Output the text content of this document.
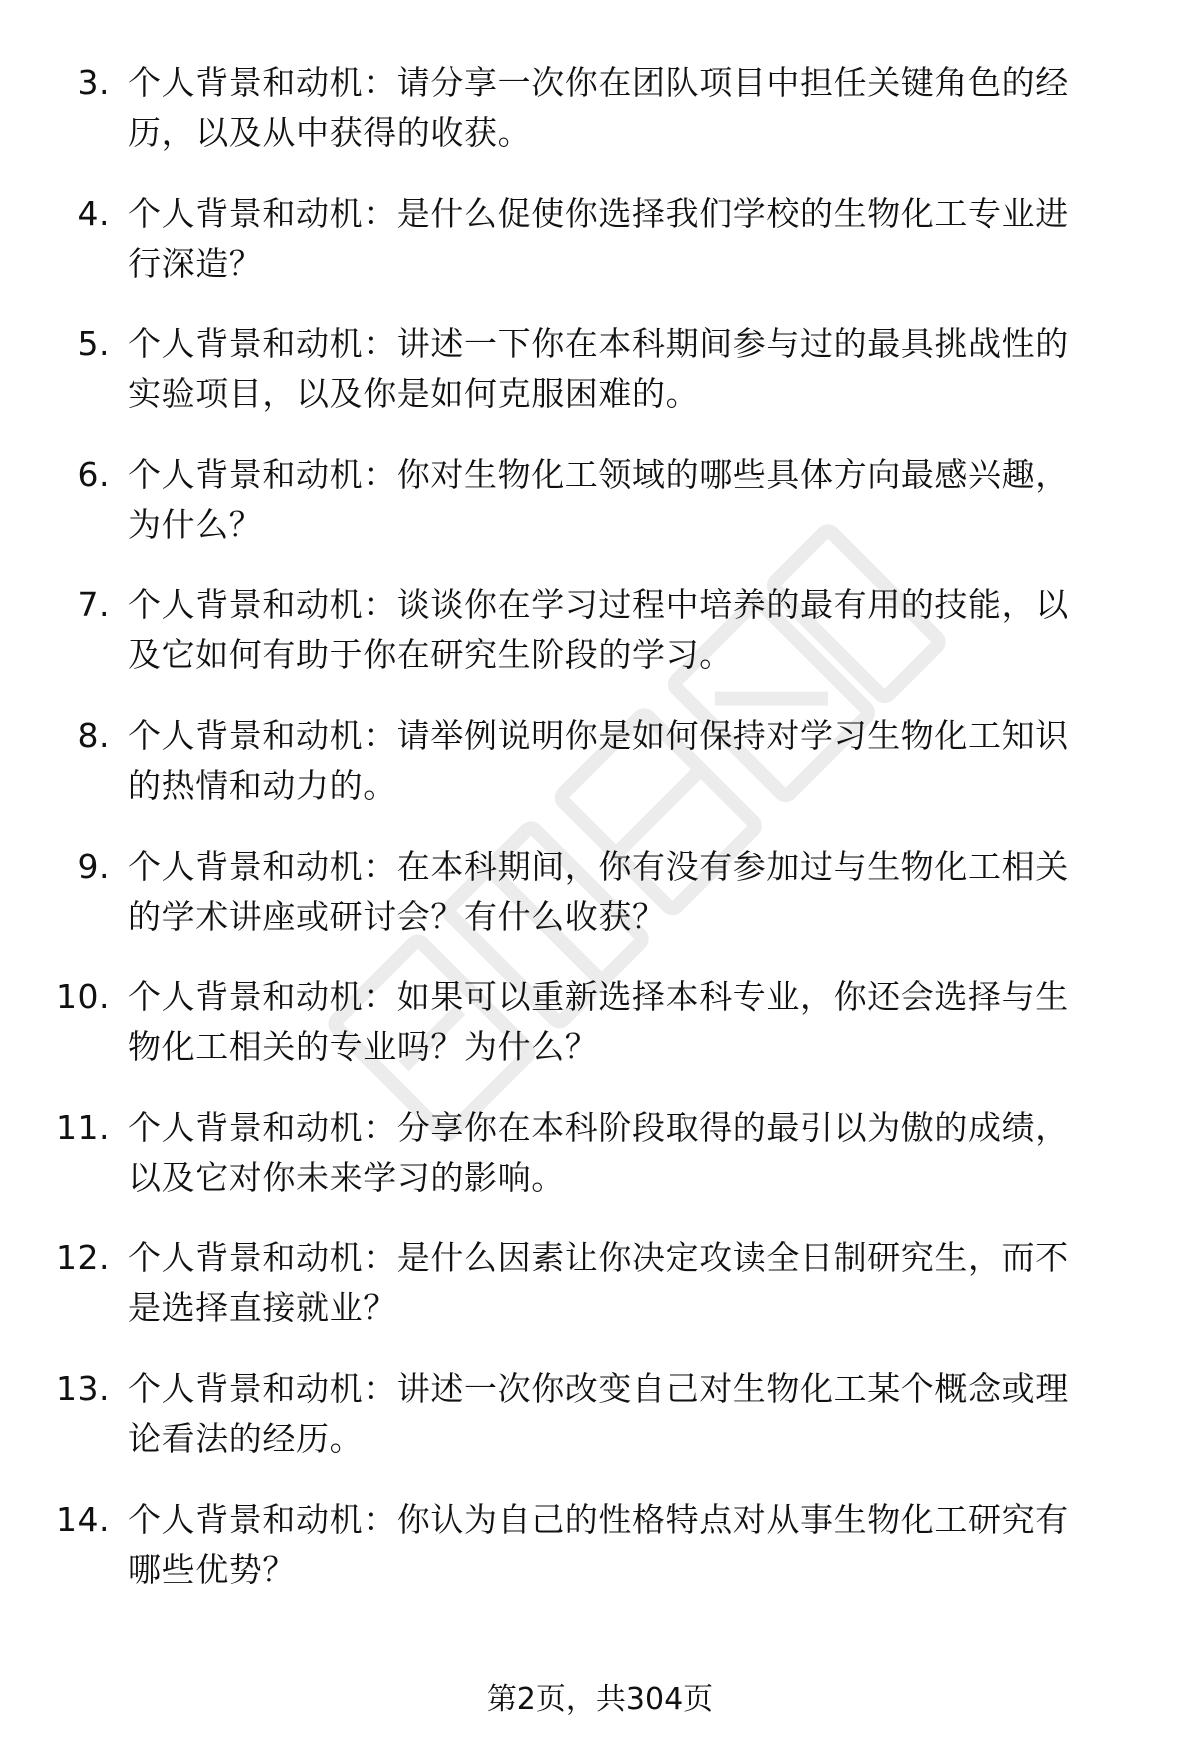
3. 个人背景和动机：请分享一次你在团队项目中担任关键角色的经
历，以及从中获得的收获。
4. 个人背景和动机：是什么促使你选择我们学校的生物化工专业进
行深造？
5. 个人背景和动机：讲述一下你在本科期间参与过的最具挑战性的
实验项目，以及你是如何克服困难的。
6. 个人背景和动机：你对生物化工领域的哪些具体方向最感兴趣，
为什么？
7. 个人背景和动机：谈谈你在学习过程中培养的最有用的技能，以
及它如何有助于你在研究生阶段的学习。
8. 个人背景和动机：请举例说明你是如何保持对学习生物化工知识
的热情和动力的。
9. 个人背景和动机：在本科期间，你有没有参加过与生物化工相关
的学术讲座或研讨会？有什么收获？
10. 个人背景和动机：如果可以重新选择本科专业，你还会选择与生
物化工相关的专业吗？为什么？
11. 个人背景和动机：分享你在本科阶段取得的最引以为傲的成绩，
以及它对你未来学习的影响。
12. 个人背景和动机：是什么因素让你决定攻读全日制研究生，而不
是选择直接就业？
13. 个人背景和动机：讲述一次你改变自己对生物化工某个概念或理
论看法的经历。
14. 个人背景和动机：你认为自己的性格特点对从事生物化工研究有
哪些优势？
第2页，共304页
